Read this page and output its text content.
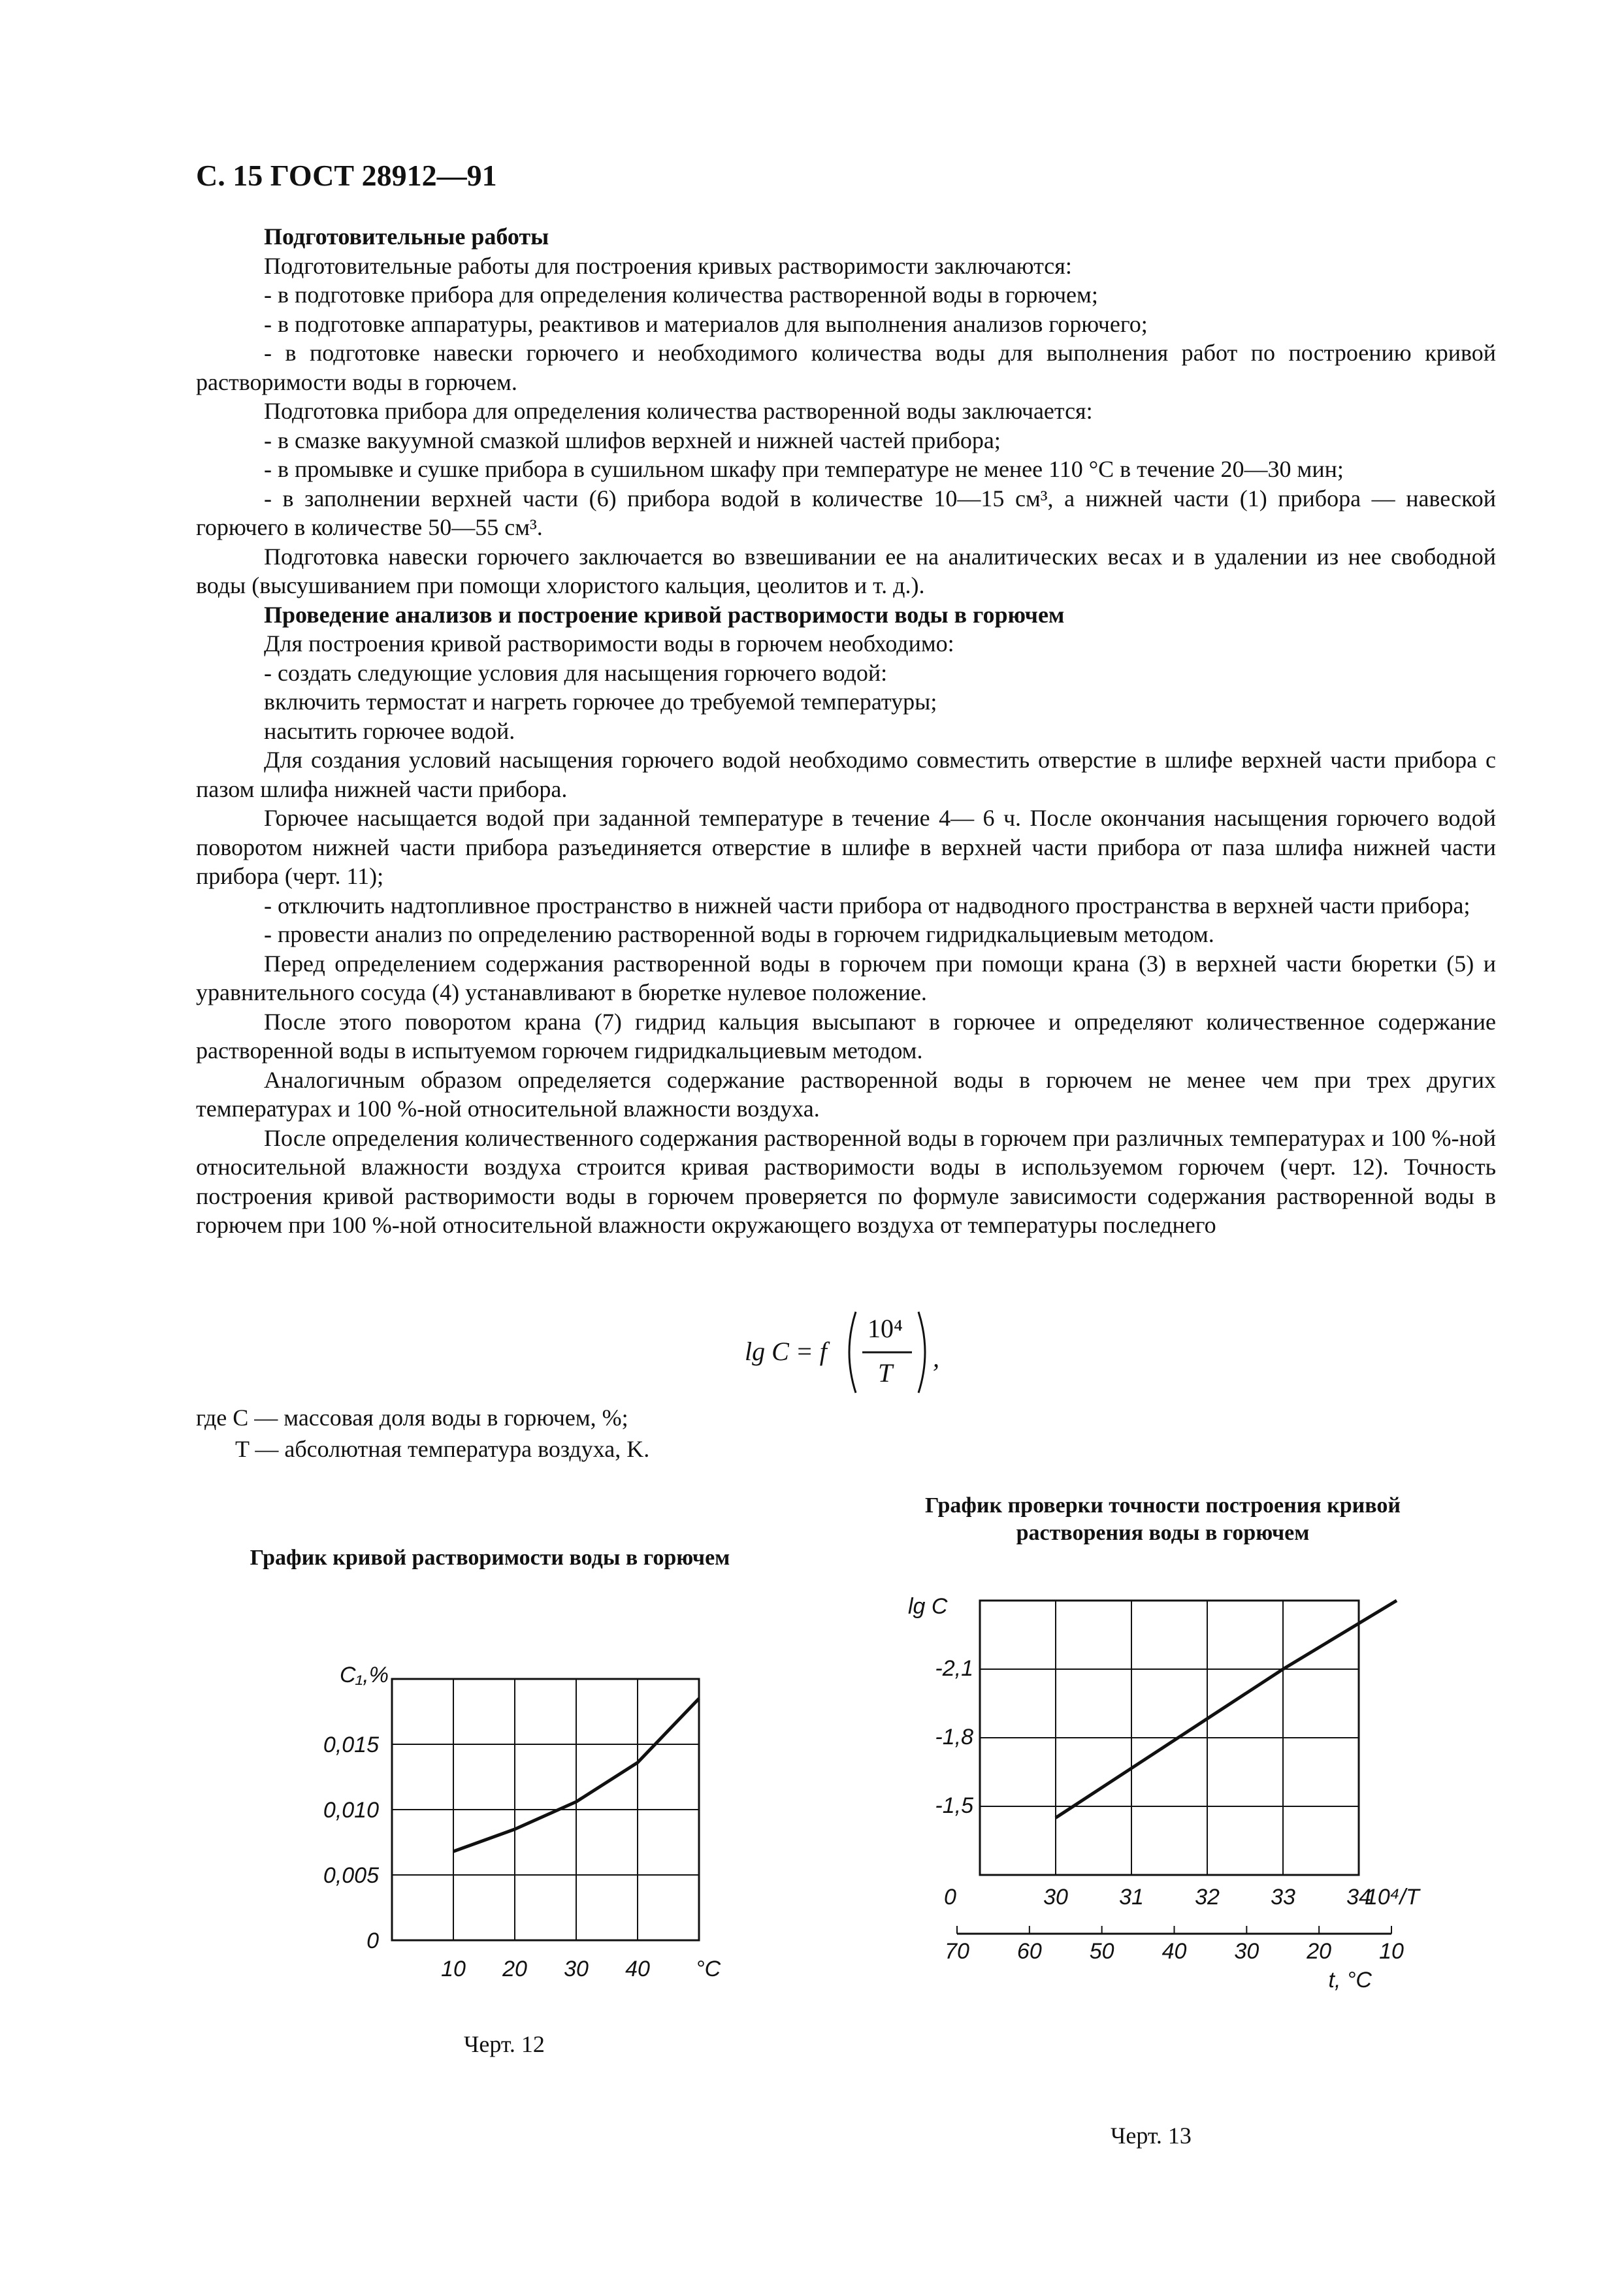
С. 15 ГОСТ 28912—91

Подготовительные работы

Подготовительные работы для построения кривых растворимости заключаются:

- в подготовке прибора для определения количества растворенной воды в горючем;

- в подготовке аппаратуры, реактивов и материалов для выполнения анализов горючего;

- в подготовке навески горючего и необходимого количества воды для выполнения работ по построению кривой растворимости воды в горючем.

Подготовка прибора для определения количества растворенной воды заключается:

- в смазке вакуумной смазкой шлифов верхней и нижней частей прибора;

- в промывке и сушке прибора в сушильном шкафу при температуре не менее 110 °С в течение 20—30 мин;

- в заполнении верхней части (6) прибора водой в количестве 10—15 см³, а нижней части (1) прибора — навеской горючего в количестве 50—55 см³.

Подготовка навески горючего заключается во взвешивании ее на аналитических весах и в удалении из нее свободной воды (высушиванием при помощи хлористого кальция, цеолитов и т. д.).

Проведение анализов и построение кривой растворимости воды в горючем

Для построения кривой растворимости воды в горючем необходимо:

- создать следующие условия для насыщения горючего водой:

включить термостат и нагреть горючее до требуемой температуры;

насытить горючее водой.

Для создания условий насыщения горючего водой необходимо совместить отверстие в шлифе верхней части прибора с пазом шлифа нижней части прибора.

Горючее насыщается водой при заданной температуре в течение 4— 6 ч. После окончания насыщения горючего водой поворотом нижней части прибора разъединяется отверстие в шлифе в верхней части прибора от паза шлифа нижней части прибора (черт. 11);

- отключить надтопливное пространство в нижней части прибора от надводного пространства в верхней части прибора;

- провести анализ по определению растворенной воды в горючем гидридкальциевым методом.

Перед определением содержания растворенной воды в горючем при помощи крана (3) в верхней части бюретки (5) и уравнительного сосуда (4) устанавливают в бюретке нулевое положение.

После этого поворотом крана (7) гидрид кальция высыпают в горючее и определяют количественное содержание растворенной воды в испытуемом горючем гидридкальциевым методом.

Аналогичным образом определяется содержание растворенной воды в горючем не менее чем при трех других температурах и 100 %-ной относительной влажности воздуха.

После определения количественного содержания растворенной воды в горючем при различных температурах и 100 %-ной относительной влажности воздуха строится кривая растворимости воды в используемом горючем (черт. 12). Точность построения кривой растворимости воды в горючем проверяется по формуле зависимости содержания растворенной воды в горючем при 100 %-ной относительной влажности окружающего воздуха от температуры последнего

lg C = f
10⁴
T
,

где C — массовая доля воды в горючем, %;

T — абсолютная температура воздуха, K.

График кривой растворимости воды в горючем

0
0,005
0,010
0,015
10 20 30 40 °C
C₁,%

Черт. 12

График проверки точности построения кривой растворения воды в горючем

lg C
-1,5
-1,8
-2,1
0	30 31 32 33 34
10⁴/T
70 60 50 40 30 20 10
t, °C

Черт. 13
